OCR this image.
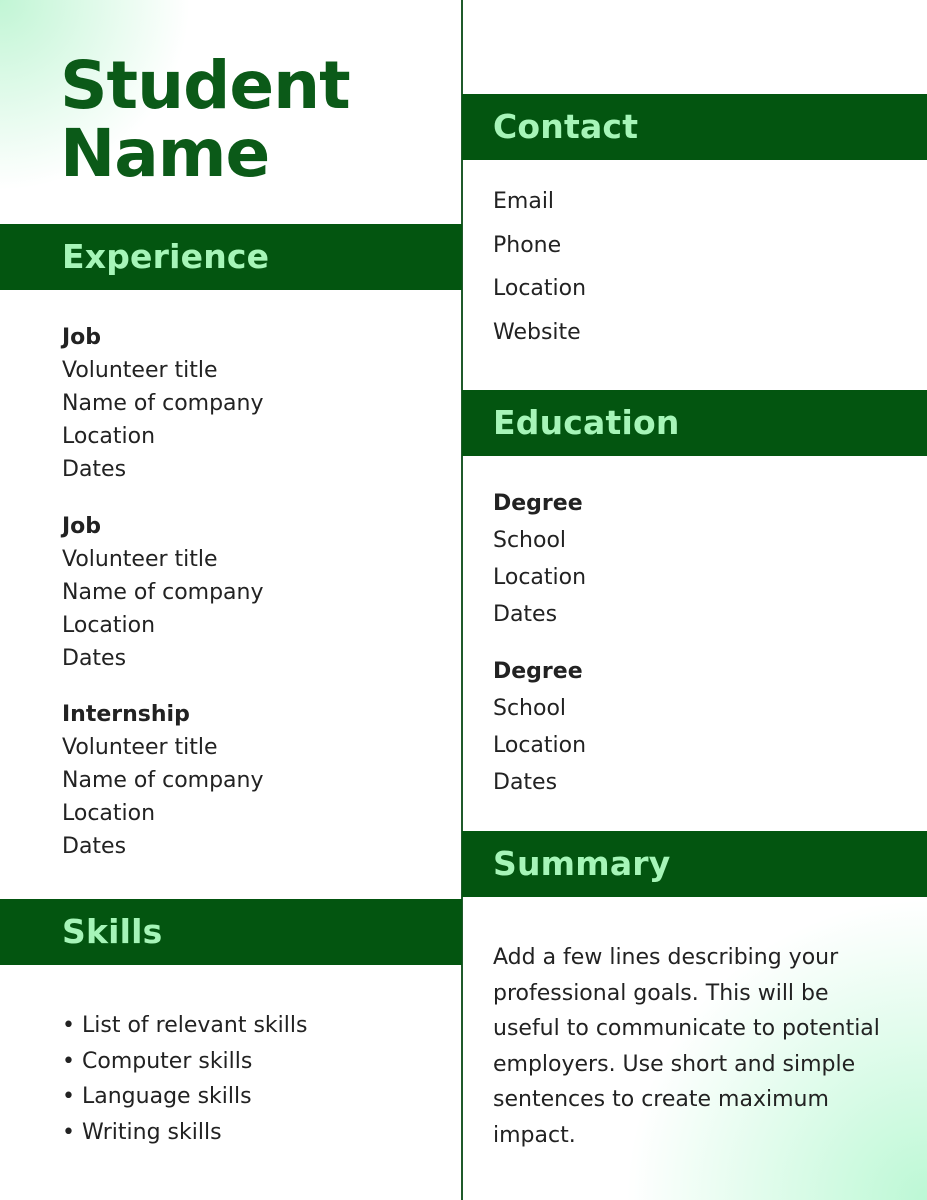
Student
Name
Experience
Job
Volunteer title
Name of company
Location
Dates
Job
Volunteer title
Name of company
Location
Dates
Internship
Volunteer title
Name of company
Location
Dates
Skills
• List of relevant skills
• Computer skills
• Language skills
• Writing skills
Contact
Email
Phone
Location
Website
Education
Degree
School
Location
Dates
Degree
School
Location
Dates
Summary

Add a few lines describing your professional goals. This will be useful to communicate to potential employers. Use short and simple sentences to create maximum impact.
